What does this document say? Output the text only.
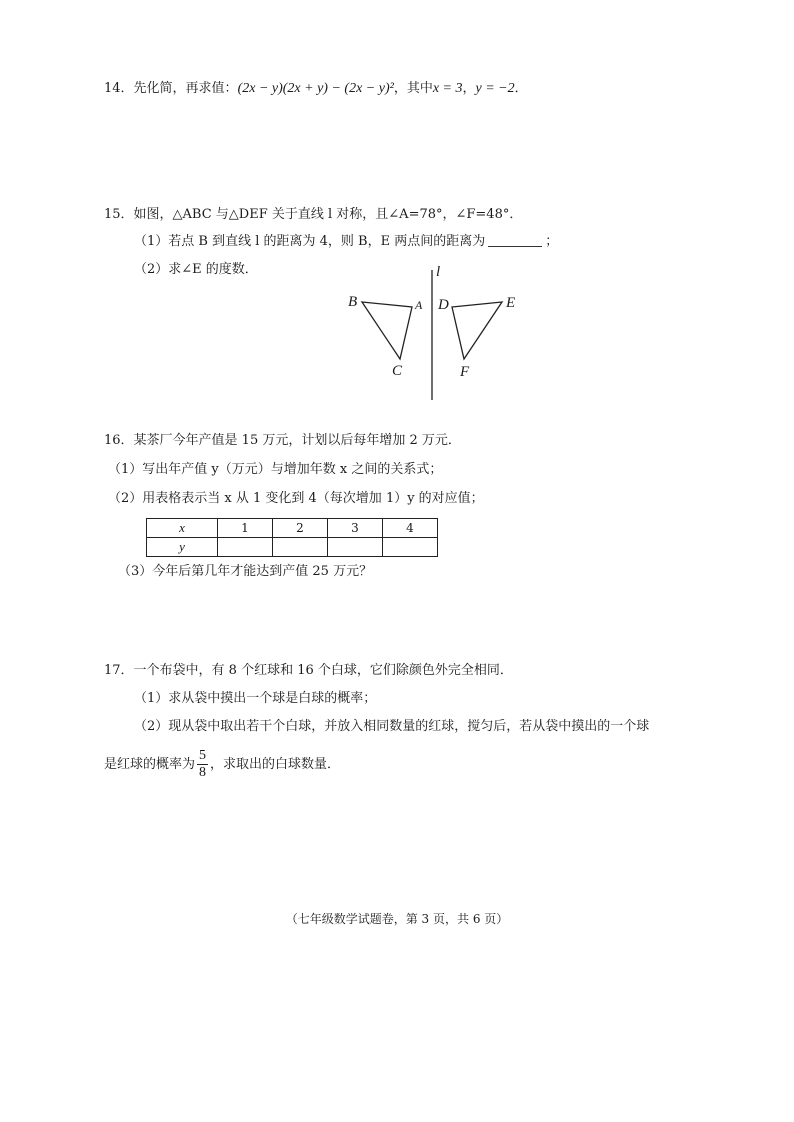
14．先化简，再求值：(2x − y)(2x + y) − (2x − y)²，其中x = 3，y = −2．
15．如图，△ABC 与△DEF 关于直线 l 对称，且∠A=78°，∠F=48°．
（1）若点 B 到直线 l 的距离为 4，则 B，E 两点间的距离为	；
（2）求∠E 的度数．	l
B	A
C
D	E
F
16．某茶厂今年产值是 15 万元，计划以后每年增加 2 万元．
（1）写出年产值 y（万元）与增加年数 x 之间的关系式；
（2）用表格表示当 x 从 1 变化到 4（每次增加 1）y 的对应值；
x	1	2	3	4
y				
（3）今年后第几年才能达到产值 25 万元？
17．一个布袋中，有 8 个红球和 16 个白球，它们除颜色外完全相同．
（1）求从袋中摸出一个球是白球的概率；
（2）现从袋中取出若干个白球，并放入相同数量的红球，搅匀后，若从袋中摸出的一个球
是红球的概率为 $\frac{5}{8}$ ，求取出的白球数量．
（七年级数学试题卷，第 3 页，共 6 页）
